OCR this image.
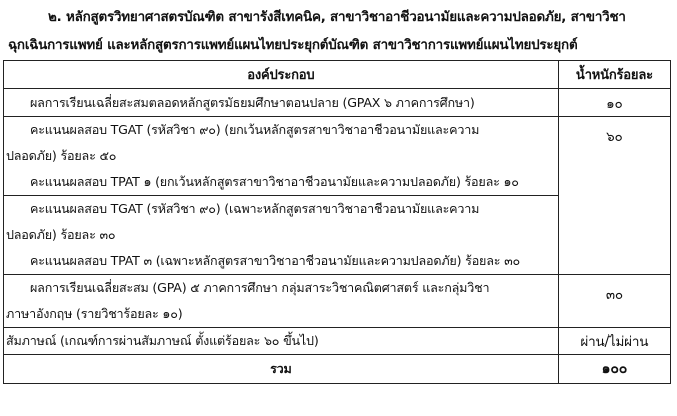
๒. หลักสูตรวิทยาศาสตรบัณฑิต สาขารังสีเทคนิค, สาขาวิชาอาชีวอนามัยและความปลอดภัย, สาขาวิชา
ฉุกเฉินการแพทย์ และหลักสูตรการแพทย์แผนไทยประยุกต์บัณฑิต สาขาวิชาการแพทย์แผนไทยประยุกต์
องค์ประกอบ	น้ำหนักร้อยละ

ผลการเรียนเฉลี่ยสะสมตลอดหลักสูตรมัธยมศึกษาตอนปลาย (GPAX ๖ ภาคการศึกษา)	๑๐

คะแนนผลสอบ TGAT (รหัสวิชา ๙๐) (ยกเว้นหลักสูตรสาขาวิชาอาชีวอนามัยและความ
ปลอดภัย) ร้อยละ ๕๐
คะแนนผลสอบ TPAT ๑ (ยกเว้นหลักสูตรสาขาวิชาอาชีวอนามัยและความปลอดภัย) ร้อยละ ๑๐	๖๐

คะแนนผลสอบ TGAT (รหัสวิชา ๙๐) (เฉพาะหลักสูตรสาขาวิชาอาชีวอนามัยและความ
ปลอดภัย) ร้อยละ ๓๐
คะแนนผลสอบ TPAT ๓ (เฉพาะหลักสูตรสาขาวิชาอาชีวอนามัยและความปลอดภัย) ร้อยละ ๓๐	

ผลการเรียนเฉลี่ยสะสม (GPA) ๕ ภาคการศึกษา กลุ่มสาระวิชาคณิตศาสตร์ และกลุ่มวิชา
ภาษาอังกฤษ (รายวิชาร้อยละ ๑๐)	๓๐

สัมภาษณ์ (เกณฑ์การผ่านสัมภาษณ์ ตั้งแต่ร้อยละ ๖๐ ขึ้นไป)	ผ่าน/ไม่ผ่าน
รวม	๑๐๐
